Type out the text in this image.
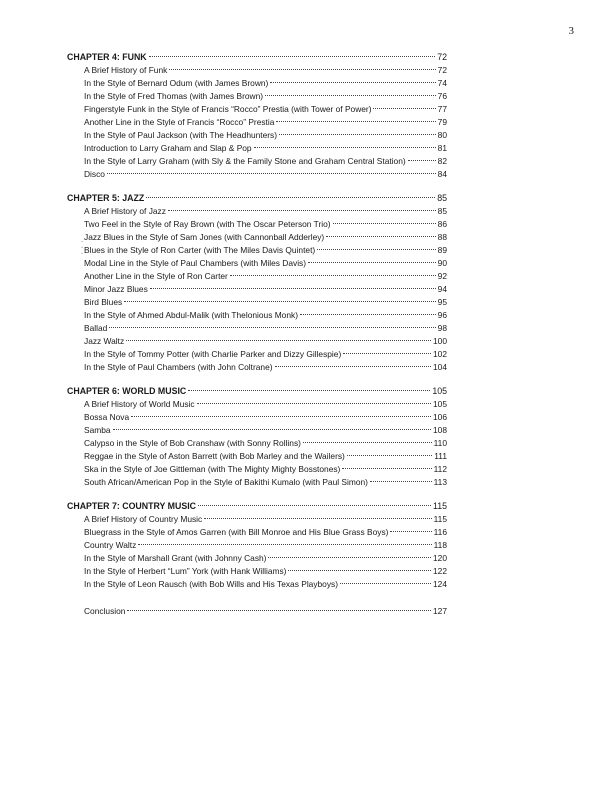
3
CHAPTER 4: FUNK	72
A Brief History of Funk	72
In the Style of Bernard Odum (with James Brown)	74
In the Style of Fred Thomas (with James Brown)	76
Fingerstyle Funk in the Style of Francis “Rocco” Prestia (with Tower of Power)	77
Another Line in the Style of Francis “Rocco” Prestia	79
In the Style of Paul Jackson (with The Headhunters)	80
Introduction to Larry Graham and Slap & Pop	81
In the Style of Larry Graham (with Sly & the Family Stone and Graham Central Station)	82
Disco	84
CHAPTER 5: JAZZ	85
A Brief History of Jazz	85
Two Feel in the Style of Ray Brown (with The Oscar Peterson Trio)	86
Jazz Blues in the Style of Sam Jones (with Cannonball Adderley)	88
Blues in the Style of Ron Carter (with The Miles Davis Quintet)	89
Modal Line in the Style of Paul Chambers (with Miles Davis)	90
Another Line in the Style of Ron Carter	92
Minor Jazz Blues	94
Bird Blues	95
In the Style of Ahmed Abdul-Malik (with Thelonious Monk)	96
Ballad	98
Jazz Waltz	100
In the Style of Tommy Potter (with Charlie Parker and Dizzy Gillespie)	102
In the Style of Paul Chambers (with John Coltrane)	104
CHAPTER 6: WORLD MUSIC	105
A Brief History of World Music	105
Bossa Nova	106
Samba	108
Calypso in the Style of Bob Cranshaw (with Sonny Rollins)	110
Reggae in the Style of Aston Barrett (with Bob Marley and the Wailers)	111
Ska in the Style of Joe Gittleman (with The Mighty Mighty Bosstones)	112
South African/American Pop in the Style of Bakithi Kumalo (with Paul Simon)	113
CHAPTER 7: COUNTRY MUSIC	115
A Brief History of Country Music	115
Bluegrass in the Style of Amos Garren (with Bill Monroe and His Blue Grass Boys)	116
Country Waltz	118
In the Style of Marshall Grant (with Johnny Cash)	120
In the Style of Herbert “Lum” York (with Hank Williams)	122
In the Style of Leon Rausch (with Bob Wills and His Texas Playboys)	124
Conclusion	127
◦◦◦
